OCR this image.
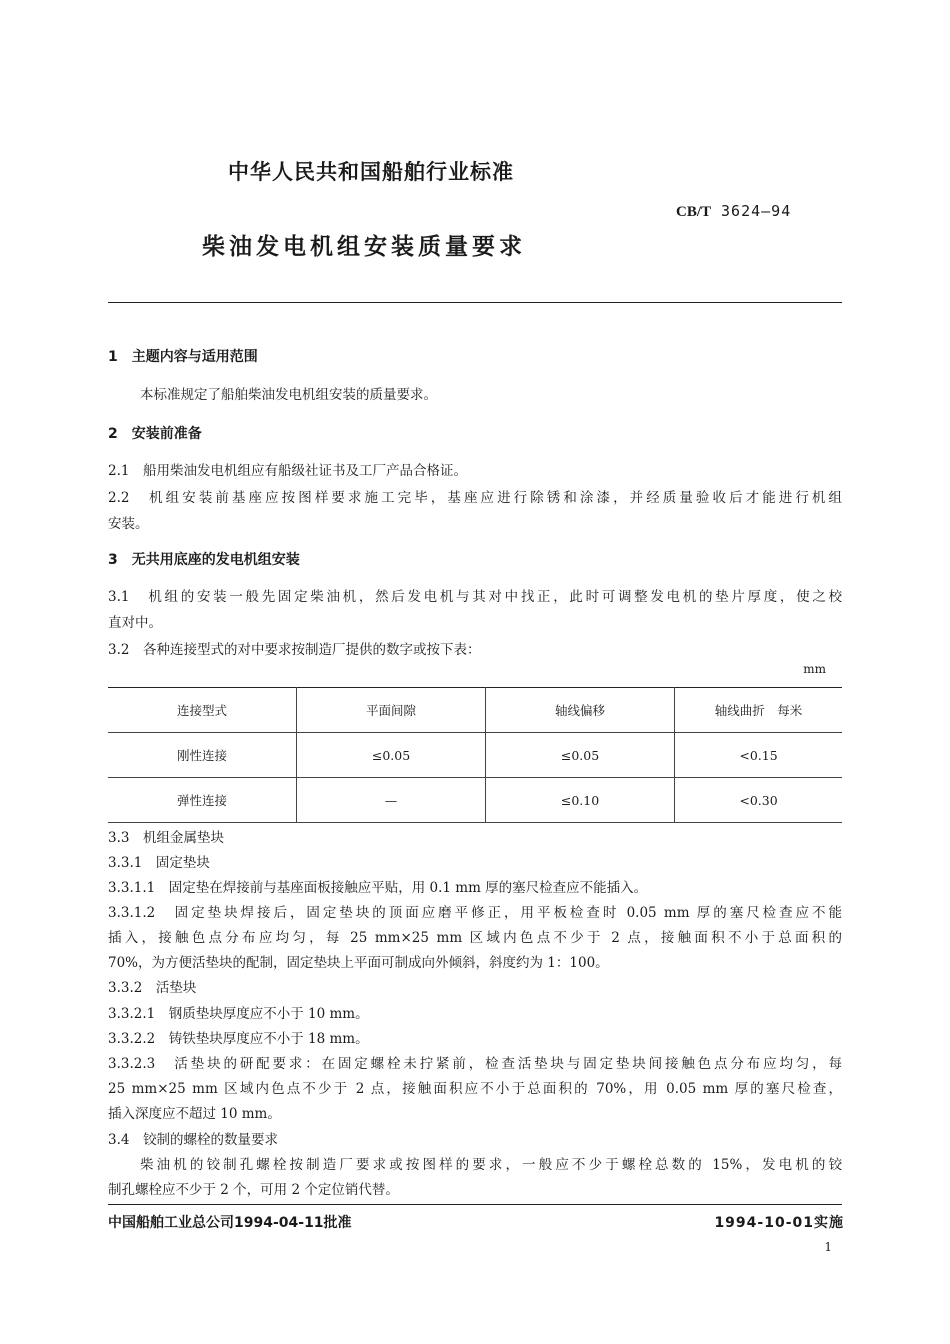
中华人民共和国船舶行业标准
CB/T 3624—94
柴油发电机组安装质量要求
1　主题内容与适用范围
本标准规定了船舶柴油发电机组安装的质量要求。
2　安装前准备
2.1　船用柴油发电机组应有船级社证书及工厂产品合格证。
2.2　机组安装前基座应按图样要求施工完毕，基座应进行除锈和涂漆，并经质量验收后才能进行机组
安装。
3　无共用底座的发电机组安装
3.1　机组的安装一般先固定柴油机，然后发电机与其对中找正，此时可调整发电机的垫片厚度，使之校
直对中。
3.2　各种连接型式的对中要求按制造厂提供的数字或按下表：
mm
连接型式	平面间隙	轴线偏移	轴线曲折　每米
刚性连接	≤0.05	≤0.05	<0.15
弹性连接	—	≤0.10	<0.30
3.3　机组金属垫块
3.3.1　固定垫块
3.3.1.1　固定垫在焊接前与基座面板接触应平贴，用 0.1 mm 厚的塞尺检查应不能插入。
3.3.1.2　固定垫块焊接后，固定垫块的顶面应磨平修正，用平板检查时 0.05 mm 厚的塞尺检查应不能
插入，接触色点分布应均匀，每 25 mm×25 mm 区域内色点不少于 2 点，接触面积不小于总面积的
70%，为方便活垫块的配制，固定垫块上平面可制成向外倾斜，斜度约为 1：100。
3.3.2　活垫块
3.3.2.1　钢质垫块厚度应不小于 10 mm。
3.3.2.2　铸铁垫块厚度应不小于 18 mm。
3.3.2.3　活垫块的研配要求：在固定螺栓未拧紧前，检查活垫块与固定垫块间接触色点分布应均匀，每
25 mm×25 mm 区域内色点不少于 2 点，接触面积应不小于总面积的 70%，用 0.05 mm 厚的塞尺检查，
插入深度应不超过 10 mm。
3.4　铰制的螺栓的数量要求
柴油机的铰制孔螺栓按制造厂要求或按图样的要求，一般应不少于螺栓总数的 15%，发电机的铰
制孔螺栓应不少于 2 个，可用 2 个定位销代替。
中国船舶工业总公司1994-04-11批准	1994-10-01实施
1
